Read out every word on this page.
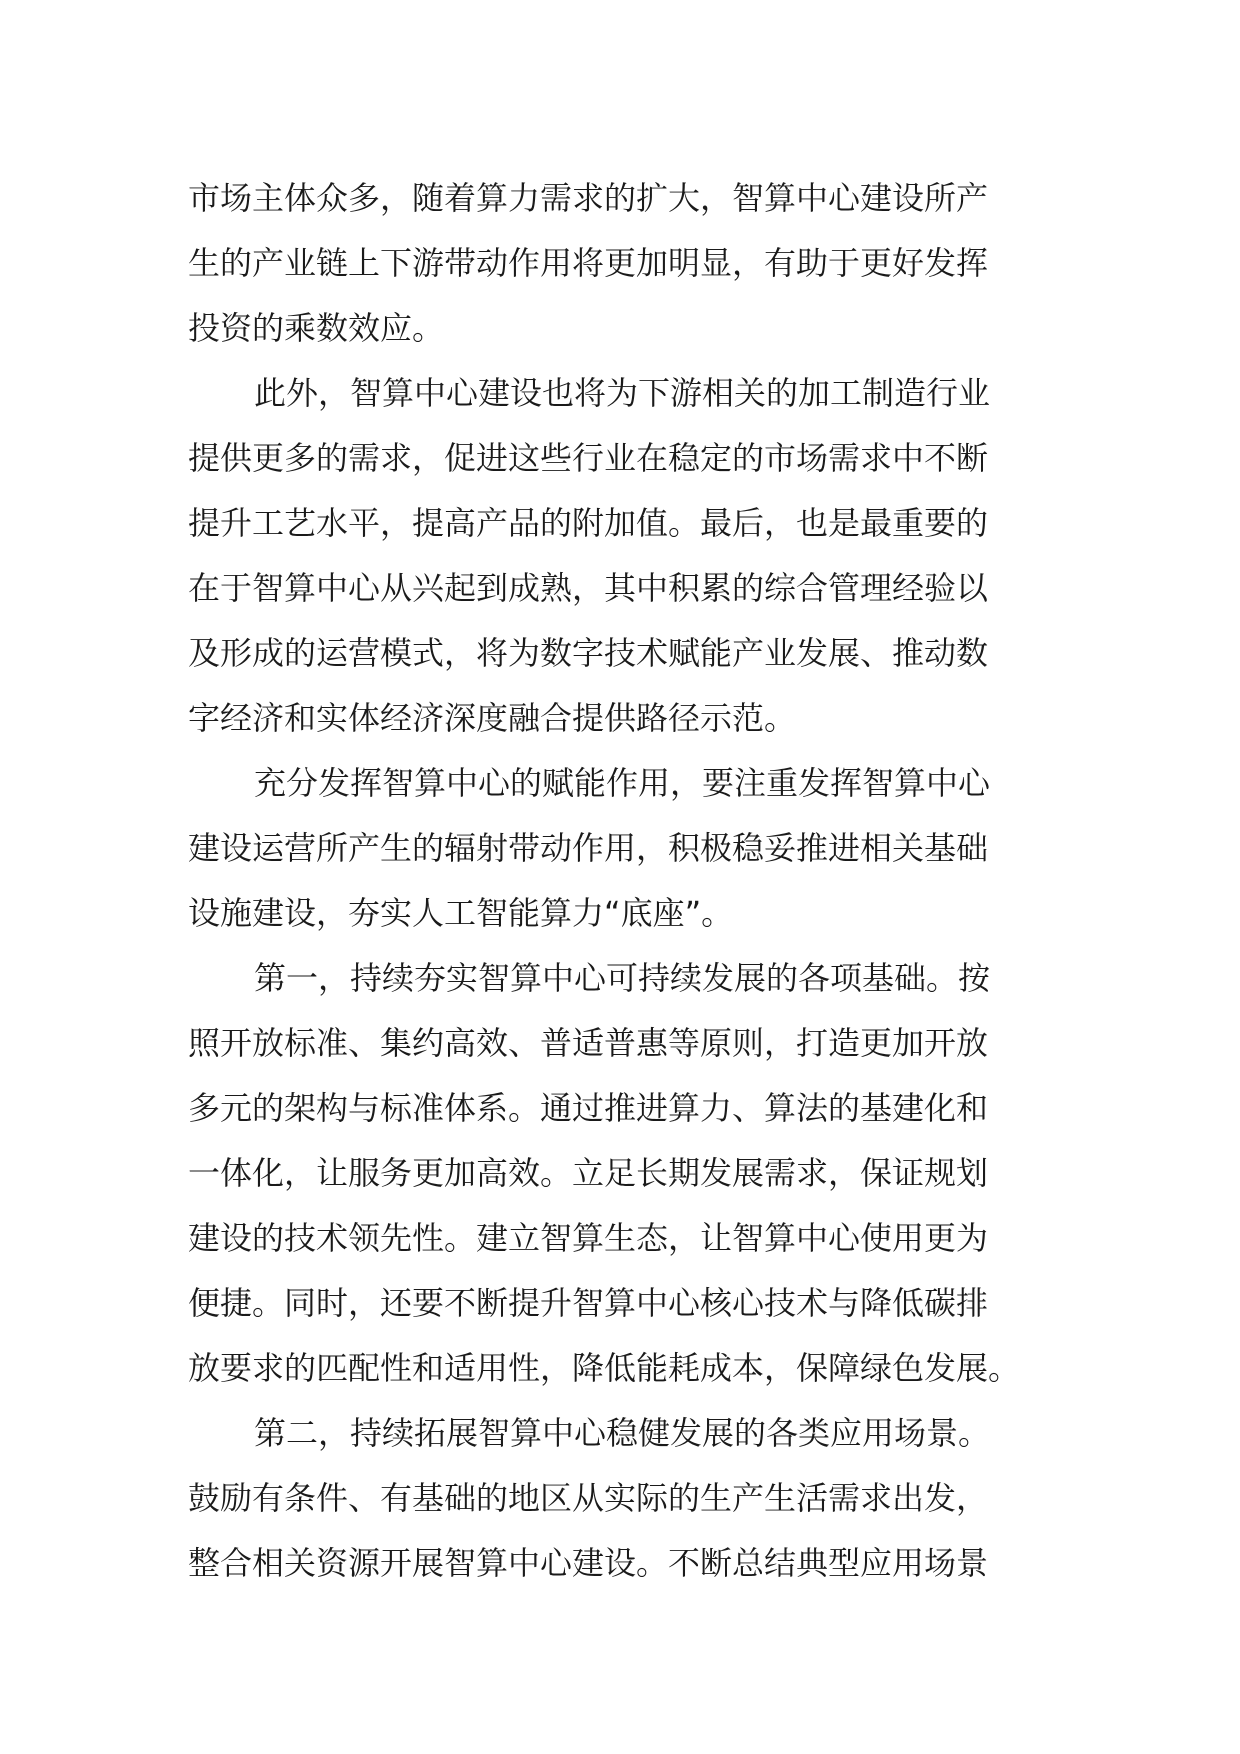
市场主体众多，随着算力需求的扩大，智算中心建设所产
生的产业链上下游带动作用将更加明显，有助于更好发挥
投资的乘数效应。
此外，智算中心建设也将为下游相关的加工制造行业
提供更多的需求，促进这些行业在稳定的市场需求中不断
提升工艺水平，提高产品的附加值。最后，也是最重要的
在于智算中心从兴起到成熟，其中积累的综合管理经验以
及形成的运营模式，将为数字技术赋能产业发展、推动数
字经济和实体经济深度融合提供路径示范。
充分发挥智算中心的赋能作用，要注重发挥智算中心
建设运营所产生的辐射带动作用，积极稳妥推进相关基础
设施建设，夯实人工智能算力“底座”。
第一，持续夯实智算中心可持续发展的各项基础。按
照开放标准、集约高效、普适普惠等原则，打造更加开放
多元的架构与标准体系。通过推进算力、算法的基建化和
一体化，让服务更加高效。立足长期发展需求，保证规划
建设的技术领先性。建立智算生态，让智算中心使用更为
便捷。同时，还要不断提升智算中心核心技术与降低碳排
放要求的匹配性和适用性，降低能耗成本，保障绿色发展。
第二，持续拓展智算中心稳健发展的各类应用场景。
鼓励有条件、有基础的地区从实际的生产生活需求出发，
整合相关资源开展智算中心建设。不断总结典型应用场景
